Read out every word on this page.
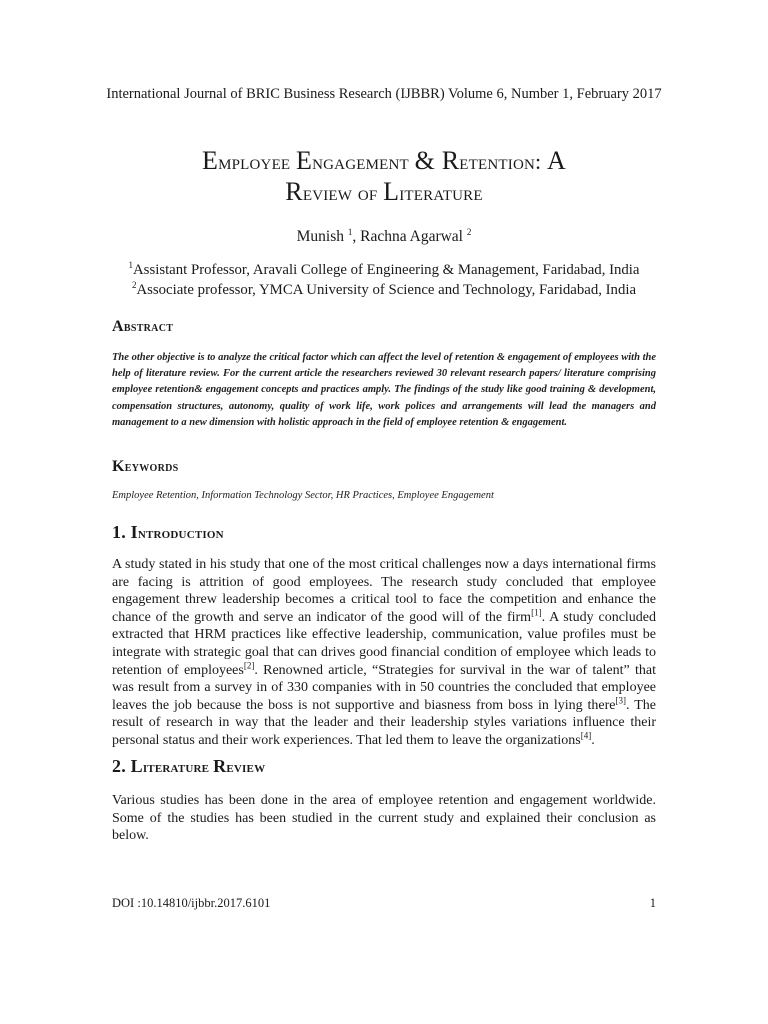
International Journal of BRIC Business Research (IJBBR) Volume 6, Number 1, February 2017
Employee Engagement & Retention: A
Review of Literature
Munish $^1$, Rachna Agarwal $^2$
$^1$Assistant Professor, Aravali College of Engineering & Management, Faridabad, India
$^2$Associate professor, YMCA University of Science and Technology, Faridabad, India
Abstract
The other objective is to analyze the critical factor which can affect the level of retention & engagement of employees with the help of literature review. For the current article the researchers reviewed 30 relevant research papers/ literature comprising employee retention& engagement concepts and practices amply. The findings of the study like good training & development, compensation structures, autonomy, quality of work life, work polices and arrangements will lead the managers and management to a new dimension with holistic approach in the field of employee retention & engagement.
Keywords
Employee Retention, Information Technology Sector, HR Practices, Employee Engagement
1. Introduction
A study stated in his study that one of the most critical challenges now a days international firms are facing is attrition of good employees. The research study concluded that employee engagement threw leadership becomes a critical tool to face the competition and enhance the chance of the growth and serve an indicator of the good will of the firm[1]. A study concluded extracted that HRM practices like effective leadership, communication, value profiles must be integrate with strategic goal that can drives good financial condition of employee which leads to retention of employees[2]. Renowned article, “Strategies for survival in the war of talent” that was result from a survey in of 330 companies with in 50 countries the concluded that employee leaves the job because the boss is not supportive and biasness from boss in lying there[3]. The result of research in way that the leader and their leadership styles variations influence their personal status and their work experiences. That led them to leave the organizations[4].
2. Literature Review
Various studies has been done in the area of employee retention and engagement worldwide. Some of the studies has been studied in the current study and explained their conclusion as below.
DOI :10.14810/ijbbr.2017.6101	1
